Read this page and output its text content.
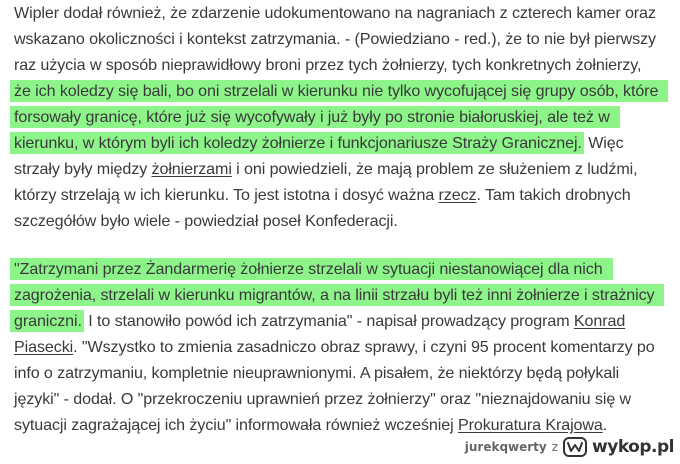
Wipler dodał również, że zdarzenie udokumentowano na nagraniach z czterech kamer oraz
wskazano okoliczności i kontekst zatrzymania. - (Powiedziano - red.), że to nie był pierwszy
raz użycia w sposób nieprawidłowy broni przez tych żołnierzy, tych konkretnych żołnierzy,
że ich koledzy się bali, bo oni strzelali w kierunku nie tylko wycofującej się grupy osób, które
forsowały granicę, które już się wycofywały i już były po stronie białoruskiej, ale też w
kierunku, w którym byli ich koledzy żołnierze i funkcjonariusze Straży Granicznej. Więc
strzały były między żołnierzami i oni powiedzieli, że mają problem ze służeniem z ludźmi,
którzy strzelają w ich kierunku. To jest istotna i dosyć ważna rzecz. Tam takich drobnych
szczegółów było wiele - powiedział poseł Konfederacji.
"Zatrzymani przez Żandarmerię żołnierze strzelali w sytuacji niestanowiącej dla nich
zagrożenia, strzelali w kierunku migrantów, a na linii strzału byli też inni żołnierze i strażnicy
graniczni. I to stanowiło powód ich zatrzymania" - napisał prowadzący program Konrad
Piasecki. "Wszystko to zmienia zasadniczo obraz sprawy, i czyni 95 procent komentarzy po
info o zatrzymaniu, kompletnie nieuprawnionymi. A pisałem, że niektórzy będą połykali
języki" - dodał. O "przekroczeniu uprawnień przez żołnierzy" oraz "nieznajdowaniu się w
sytuacji zagrażającej ich życiu" informowała również wcześniej Prokuratura Krajowa.
jurekqwerty z wykop.pl
